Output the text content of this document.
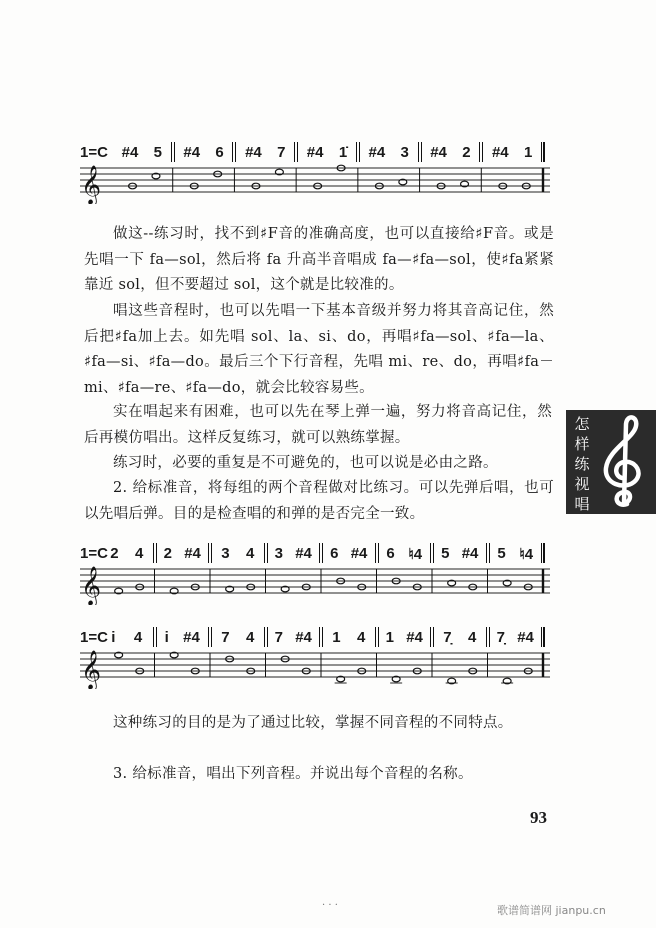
1=C #4 5 #4 6 #4 7 #4 1̇ #4 3 #4 2 #4 1
𝄞

做这--练习时，找不到♯F音的准确高度，也可以直接给♯F音。或是先唱一下 fa—sol，然后将 fa 升高半音唱成 fa—♯fa—sol，使♯fa紧紧靠近 sol，但不要超过 sol，这个就是比较准的。

唱这些音程时，也可以先唱一下基本音级并努力将其音高记住，然后把♯fa加上去。如先唱 sol、la、si、do，再唱♯fa—sol、♯fa—la、♯fa—si、♯fa—do。最后三个下行音程，先唱 mi、re、do，再唱♯fa－mi、♯fa—re、♯fa—do，就会比较容易些。

实在唱起来有困难，也可以先在琴上弹一遍，努力将音高记住，然后再模仿唱出。这样反复练习，就可以熟练掌握。

练习时，必要的重复是不可避免的，也可以说是必由之路。

2. 给标准音，将每组的两个音程做对比练习。可以先弹后唱，也可以先唱后弹。目的是检查唱的和弹的是否完全一致。

1=C 2 4 2 #4 3 4 3 #4 6 #4 6 ♮4 5 #4 5 ♮4
𝄞
1=C i 4 i #4 7 4 7 #4 1 4 1 #4 7̣ 4 7̣ #4
𝄞

这种练习的目的是为了通过比较，掌握不同音程的不同特点。

3. 给标准音，唱出下列音程。并说出每个音程的名称。

怎样练视唱
93
· · ·	歌谱简谱网 jianpu.cn
